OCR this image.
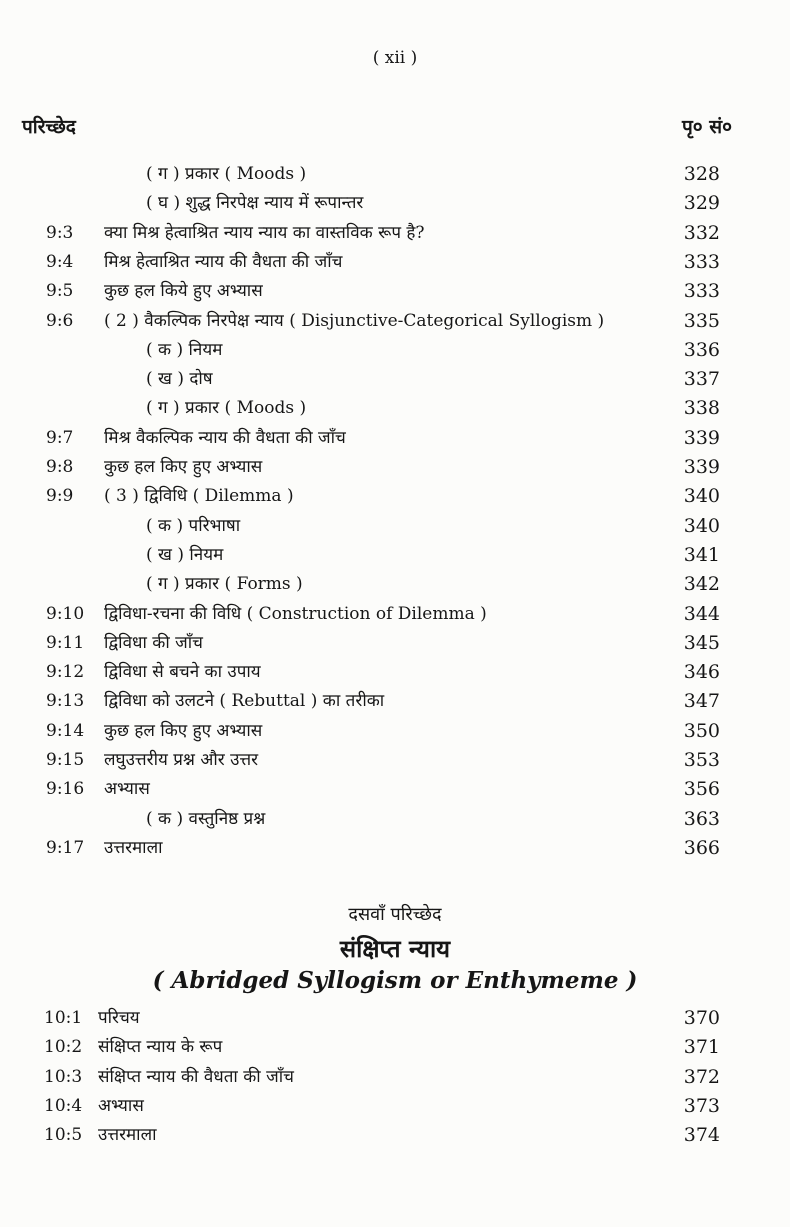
( xii )
परिच्छेद	पृ० सं०
( ग ) प्रकार ( Moods )	328
( घ ) शुद्ध निरपेक्ष न्याय में रूपान्तर	329
9:3 क्या मिश्र हेत्वाश्रित न्याय न्याय का वास्तविक रूप है?	332
9:4 मिश्र हेत्वाश्रित न्याय की वैधता की जाँच	333
9:5 कुछ हल किये हुए अभ्यास	333
9:6 ( 2 ) वैकल्पिक निरपेक्ष न्याय ( Disjunctive-Categorical Syllogism )	335
( क ) नियम	336
( ख ) दोष	337
( ग ) प्रकार ( Moods )	338
9:7 मिश्र वैकल्पिक न्याय की वैधता की जाँच	339
9:8 कुछ हल किए हुए अभ्यास	339
9:9 ( 3 ) द्विविधि ( Dilemma )	340
( क ) परिभाषा	340
( ख ) नियम	341
( ग ) प्रकार ( Forms )	342
9:10 द्विविधा-रचना की विधि ( Construction of Dilemma )	344
9:11 द्विविधा की जाँच	345
9:12 द्विविधा से बचने का उपाय	346
9:13 द्विविधा को उलटने ( Rebuttal ) का तरीका	347
9:14 कुछ हल किए हुए अभ्यास	350
9:15 लघुउत्तरीय प्रश्न और उत्तर	353
9:16 अभ्यास	356
( क ) वस्तुनिष्ठ प्रश्न	363
9:17 उत्तरमाला	366
दसवाँ परिच्छेद
संक्षिप्त न्याय
( Abridged Syllogism or Enthymeme )
10:1 परिचय	370
10:2 संक्षिप्त न्याय के रूप	371
10:3 संक्षिप्त न्याय की वैधता की जाँच	372
10:4 अभ्यास	373
10:5 उत्तरमाला	374
